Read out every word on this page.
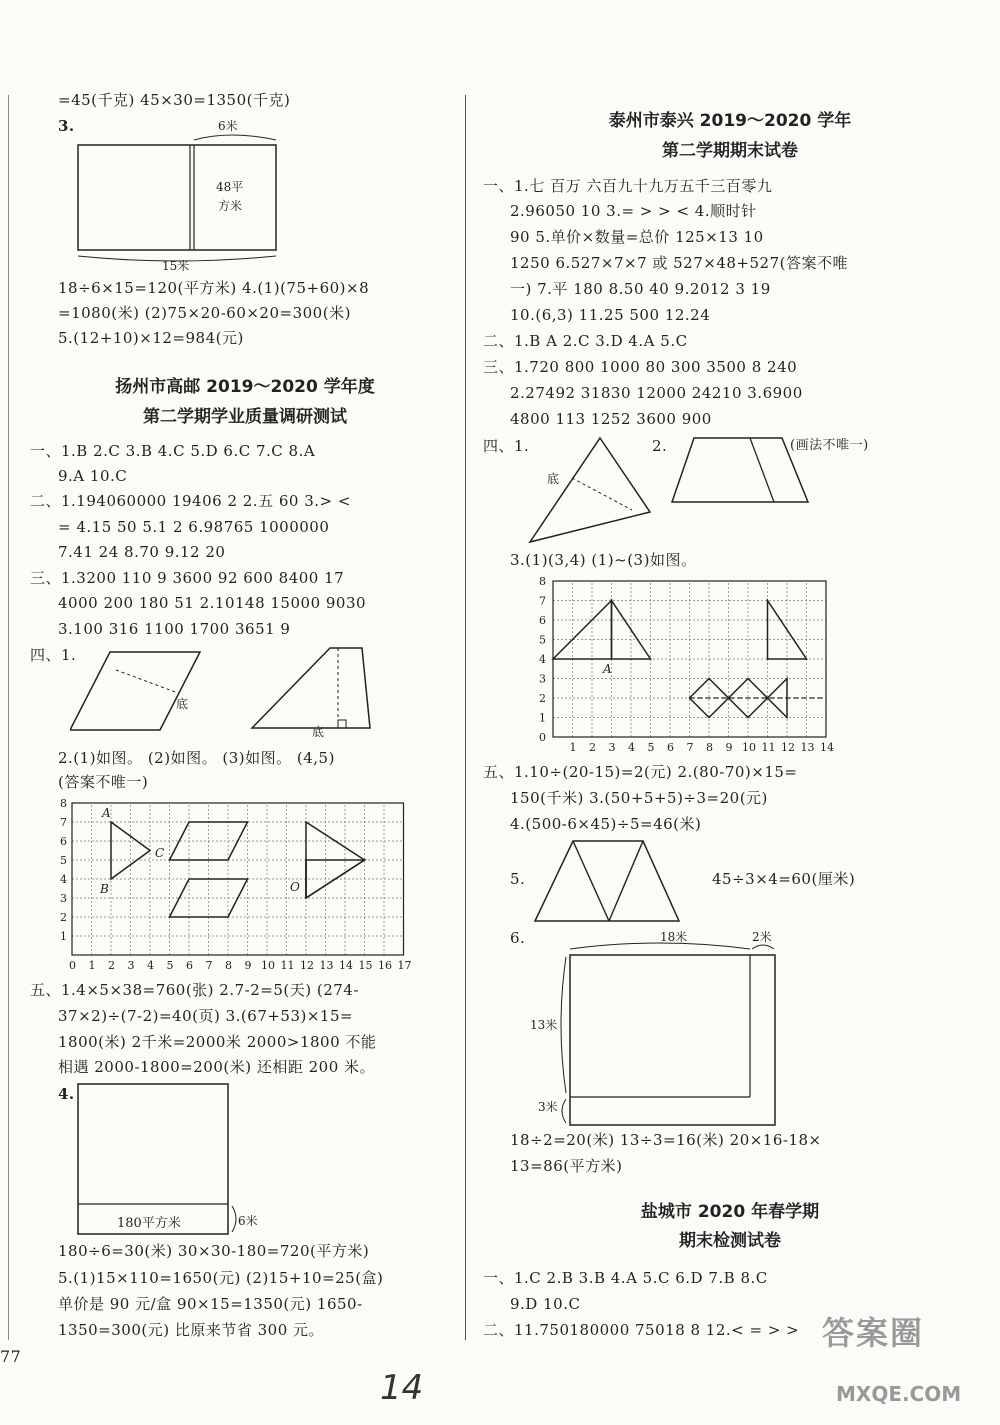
=45(千克) 45×30=1350(千克)
3.	6米
48平
方米
15米
18÷6×15=120(平方米) 4.(1)(75+60)×8
=1080(米) (2)75×20-60×20=300(米)
5.(12+10)×12=984(元)
扬州市高邮 2019～2020 学年度
第二学期学业质量调研测试
一、1.B 2.C 3.B 4.C 5.D 6.C 7.C 8.A
9.A 10.C
二、1.194060000 19406 2 2.五 60 3.> <
= 4.15 50 5.1 2 6.98765 1000000
7.41 24 8.70 9.12 20
三、1.3200 110 9 3600 92 600 8400 17
4000 200 180 51 2.10148 15000 9030
3.100 316 1100 1700 3651 9
四、1.
底
底
2.(1)如图。 (2)如图。 (3)如图。 (4,5)
(答案不唯一)
0 1 2 3 4 5 6 7 8 9 10 11 12 13 14 15 16 17
1
2
3
4
5
6
7
8
A
B
C
O
五、1.4×5×38=760(张) 2.7-2=5(天) (274-
37×2)÷(7-2)=40(页) 3.(67+53)×15=
1800(米) 2千米=2000米 2000>1800 不能
相遇 2000-1800=200(米) 还相距 200 米。
4.
180平方米	6米
180÷6=30(米) 30×30-180=720(平方米)
5.(1)15×110=1650(元) (2)15+10=25(盒)
单价是 90 元/盒 90×15=1350(元) 1650-
1350=300(元) 比原来节省 300 元。
77
泰州市泰兴 2019～2020 学年
第二学期期末试卷
一、1.七 百万 六百九十九万五千三百零九
2.96050 10 3.= > > < 4.顺时针
90 5.单价×数量=总价 125×13 10
1250 6.527×7×7 或 527×48+527(答案不唯
一) 7.平 180 8.50 40 9.2012 3 19
10.(6,3) 11.25 500 12.24
二、1.B A 2.C 3.D 4.A 5.C
三、1.720 800 1000 80 300 3500 8 240
2.27492 31830 12000 24210 3.6900
4800 113 1252 3600 900
四、1.	2.	(画法不唯一)
底
3.(1)(3,4) (1)~(3)如图。
1 2 3 4 5 6 7 8 9 10 11 12 13 14
0
1
2
3
4
5
6
7
8
A
五、1.10÷(20-15)=2(元) 2.(80-70)×15=
150(千米) 3.(50+5+5)÷3=20(元)
4.(500-6×45)÷5=46(米)
5.	45÷3×4=60(厘米)
6.	18米	2米
13米
3米
18÷2=20(米) 13÷3=16(米) 20×16-18×
13=86(平方米)
盐城市 2020 年春学期
期末检测试卷
一、1.C 2.B 3.B 4.A 5.C 6.D 7.B 8.C
9.D 10.C
二、11.750180000 75018 8 12.< = > >
14
答案圈
MXQE.COM
